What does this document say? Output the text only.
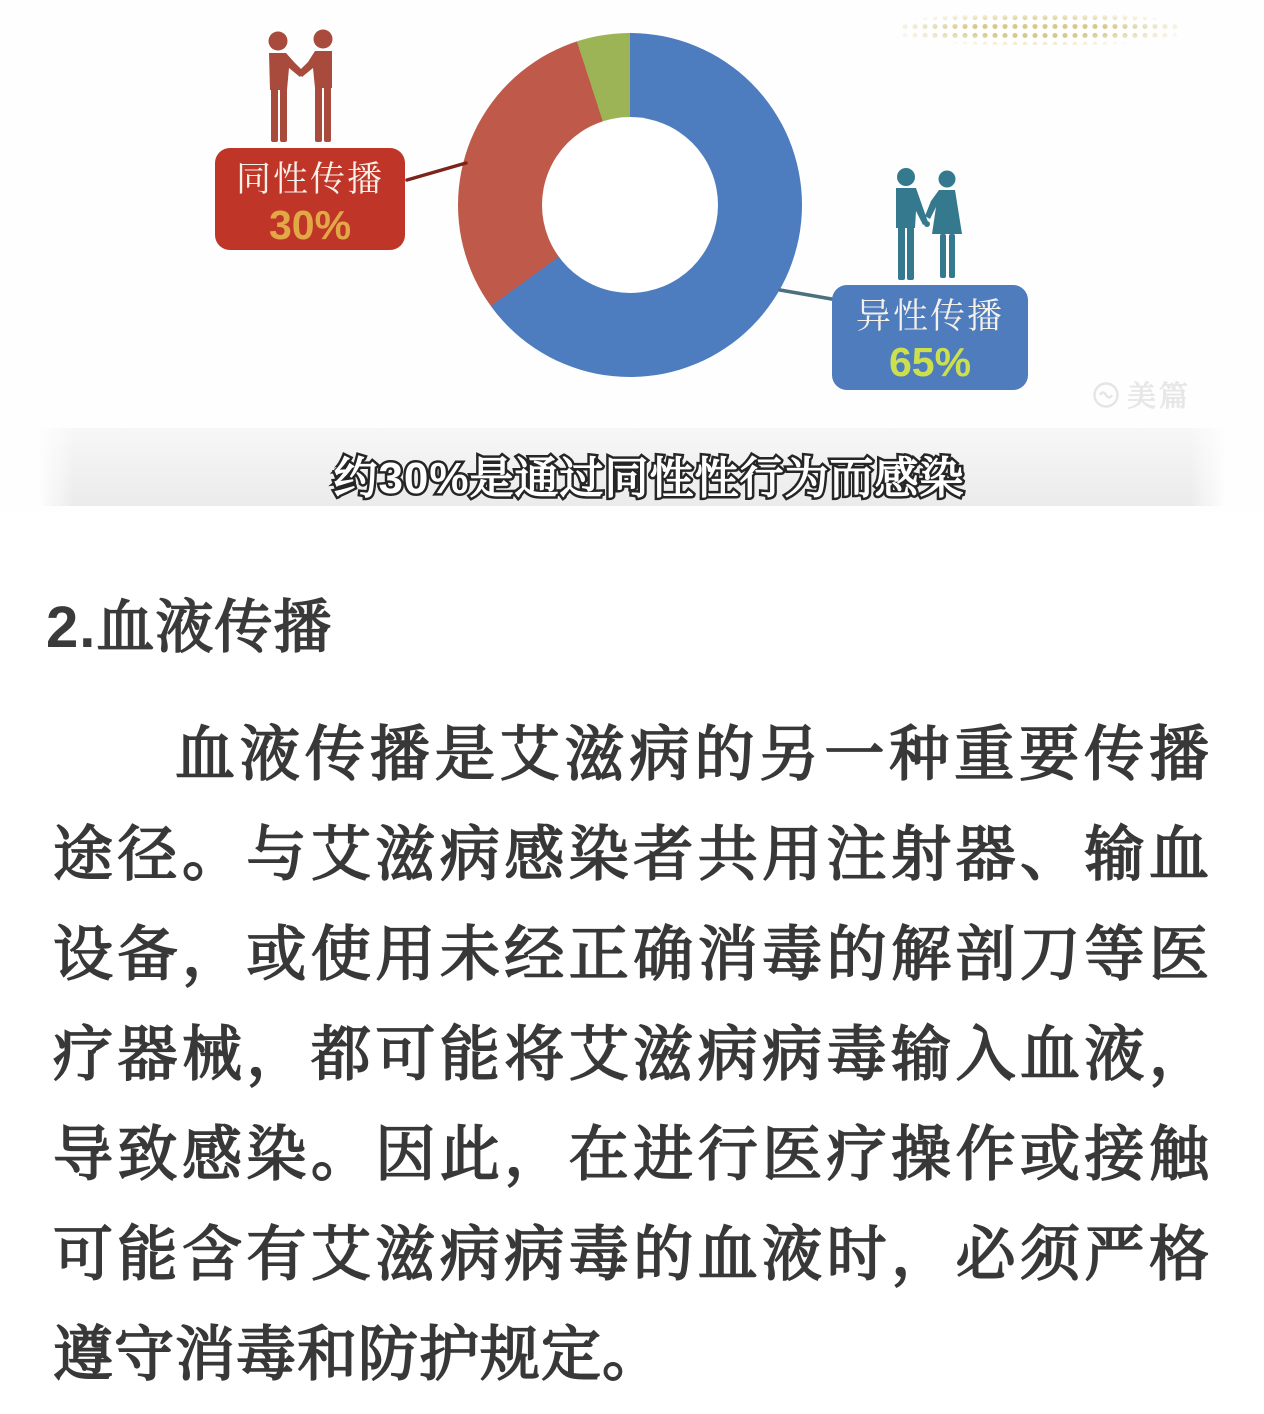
同性传播
30%
异性传播
65%
美篇
约30%是通过同性性行为而感染
2.血液传播
血液传播是艾滋病的另一种重要传播
途径。与艾滋病感染者共用注射器、输血
设备，或使用未经正确消毒的解剖刀等医
疗器械，都可能将艾滋病病毒输入血液，
导致感染。因此，在进行医疗操作或接触
可能含有艾滋病病毒的血液时，必须严格
遵守消毒和防护规定。
